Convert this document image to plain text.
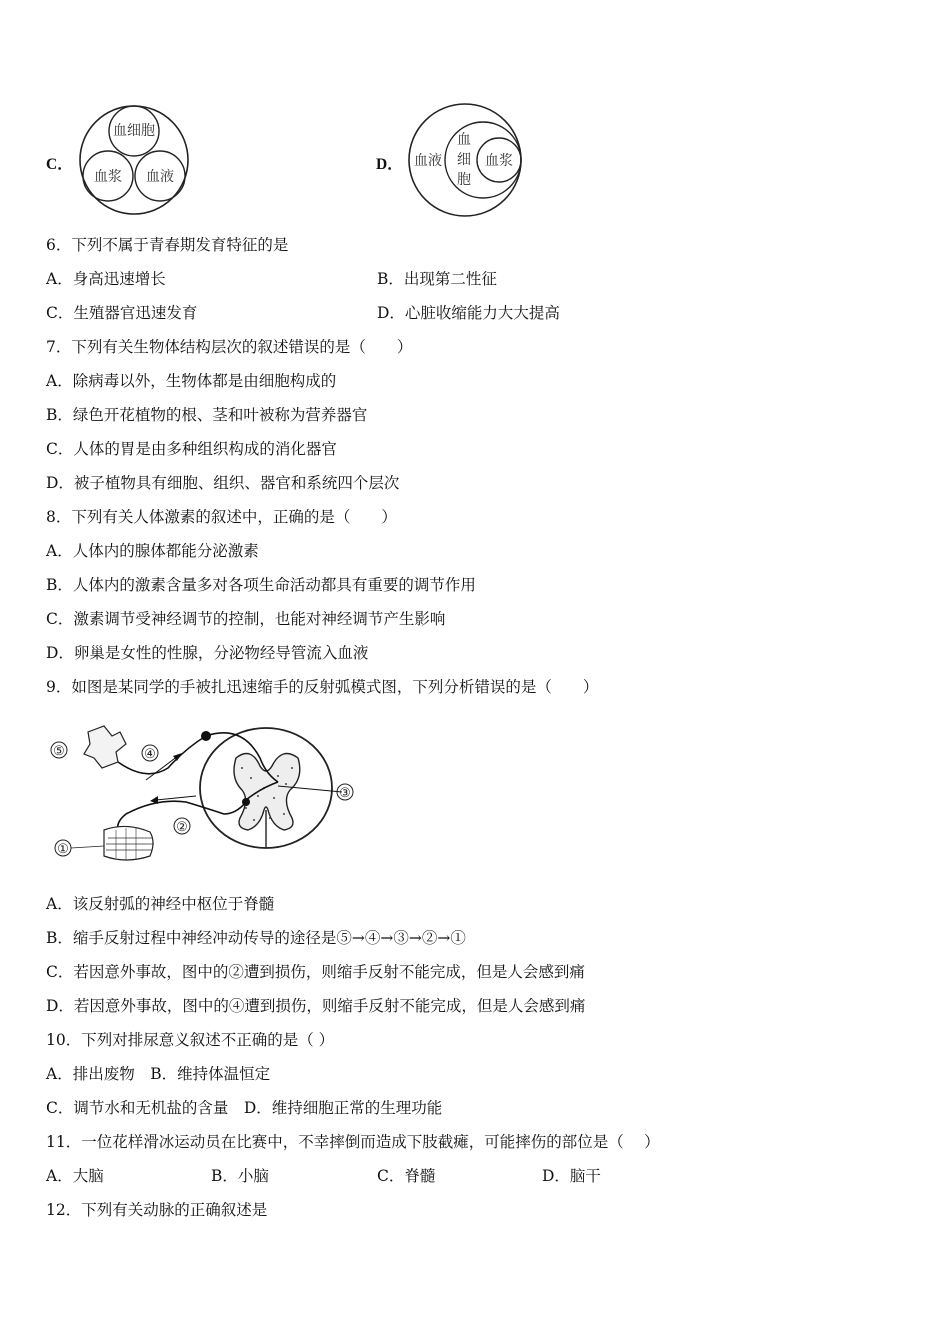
C．
血细胞
血浆 血液
D． 血液
血
细
胞
血浆
6．下列不属于青春期发育特征的是
A．身高迅速增长	B．出现第二性征
C．生殖器官迅速发育	D．心脏收缩能力大大提高
7．下列有关生物体结构层次的叙述错误的是（　　）
A．除病毒以外，生物体都是由细胞构成的
B．绿色开花植物的根、茎和叶被称为营养器官
C．人体的胃是由多种组织构成的消化器官
D．被子植物具有细胞、组织、器官和系统四个层次
8．下列有关人体激素的叙述中，正确的是（　　）
A．人体内的腺体都能分泌激素
B．人体内的激素含量多对各项生命活动都具有重要的调节作用
C．激素调节受神经调节的控制，也能对神经调节产生影响
D．卵巢是女性的性腺，分泌物经导管流入血液
9．如图是某同学的手被扎迅速缩手的反射弧模式图，下列分析错误的是（　　）
⑤	④
③
②
①
A．该反射弧的神经中枢位于脊髓
B．缩手反射过程中神经冲动传导的途径是⑤→④→③→②→①
C．若因意外事故，图中的②遭到损伤，则缩手反射不能完成，但是人会感到痛
D．若因意外事故，图中的④遭到损伤，则缩手反射不能完成，但是人会感到痛
10．下列对排尿意义叙述不正确的是（ ）
A．排出废物　B．维持体温恒定
C．调节水和无机盐的含量　D．维持细胞正常的生理功能
11．一位花样滑冰运动员在比赛中，不幸摔倒而造成下肢截瘫，可能摔伤的部位是（　 ）
A．大脑	B．小脑	C．脊髓	D．脑干
12．下列有关动脉的正确叙述是
